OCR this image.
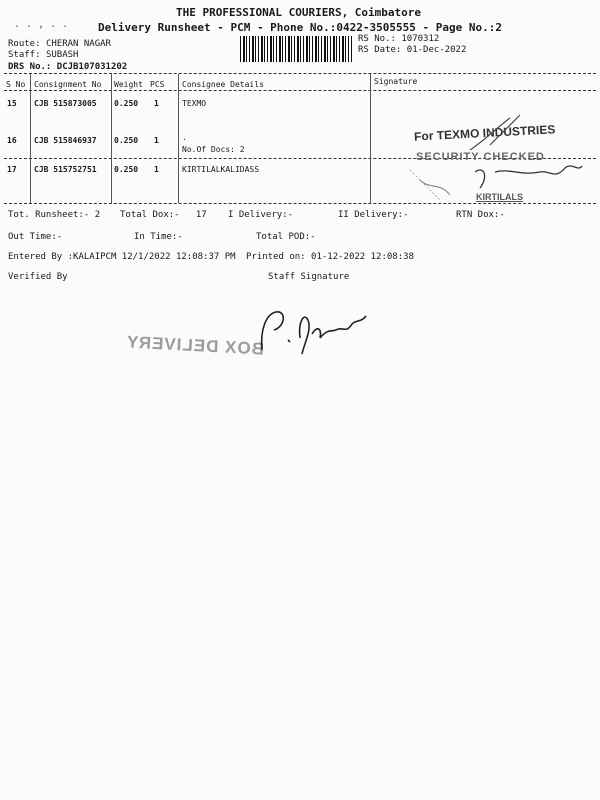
THE PROFESSIONAL COURIERS, Coimbatore
Delivery Runsheet - PCM - Phone No.:0422-3505555 - Page No.:2
. . , . .
Route: CHERAN NAGAR
Staff: SUBASH
DRS No.: DCJB107031202
RS No.: 1070312
RS Date: 01-Dec-2022
S No Consignment No Weight PCS Consignee Details	Signature
15 CJB 515873005 0.250 1	TEXMO
16 CJB 515846937 0.250 1	.
No.Of Docs: 2
17 CJB 515752751 0.250 1	KIRTILALKALIDASS
For TEXMO INDUSTRIES
SECURITY CHECKED
KIRTILALS
Tot. Runsheet:- 2 Total Dox:- 17 I Delivery:-	II Delivery:-	RTN Dox:-
Out Time:-	In Time:-	Total POD:-
Entered By :KALAIPCM 12/1/2022 12:08:37 PM Printed on: 01-12-2022 12:08:38
Verified By	Staff Signature
BOX DELIVERY
